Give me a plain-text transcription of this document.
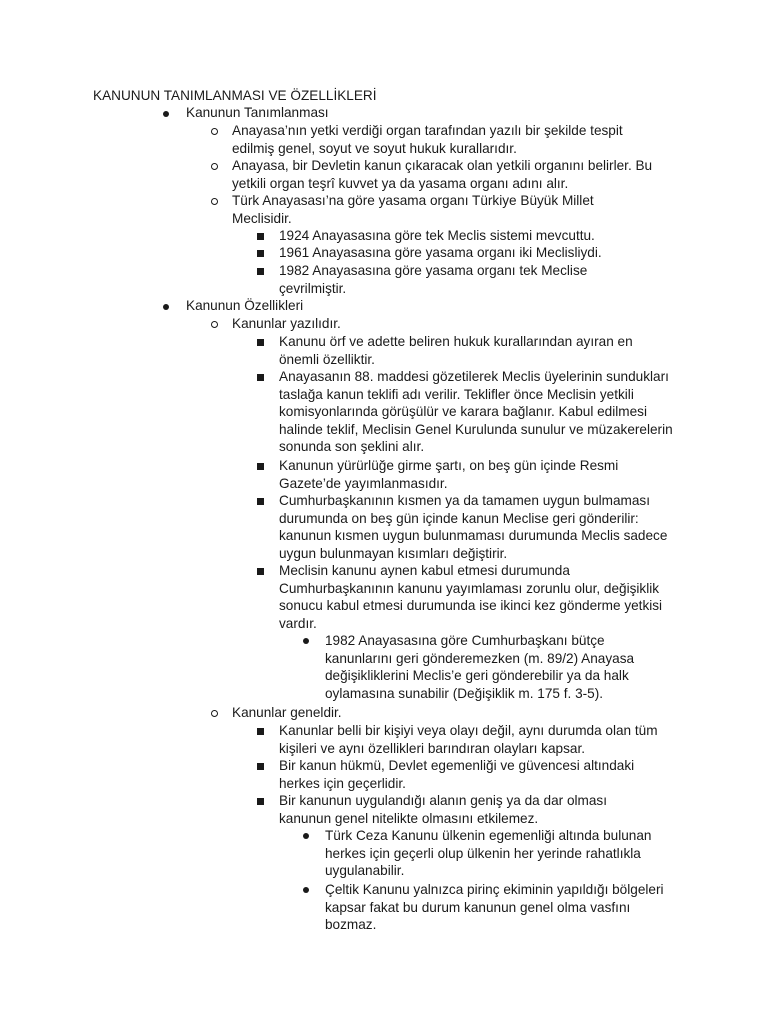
KANUNUN TANIMLANMASI VE ÖZELLİKLERİ
Kanunun Tanımlanması
Anayasa’nın yetki verdiği organ tarafından yazılı bir şekilde tespit edilmiş genel, soyut ve soyut hukuk kurallarıdır.
Anayasa, bir Devletin kanun çıkaracak olan yetkili organını belirler. Bu yetkili organ teşrî kuvvet ya da yasama organı adını alır.
Türk Anayasası’na göre yasama organı Türkiye Büyük Millet Meclisidir.
1924 Anayasasına göre tek Meclis sistemi mevcuttu.
1961 Anayasasına göre yasama organı iki Meclisliydi.
1982 Anayasasına göre yasama organı tek Meclise çevrilmiştir.
Kanunun Özellikleri
Kanunlar yazılıdır.
Kanunu örf ve adette beliren hukuk kurallarından ayıran en önemli özelliktir.
Anayasanın 88. maddesi gözetilerek Meclis üyelerinin sundukları taslağa kanun teklifi adı verilir. Teklifler önce Meclisin yetkili komisyonlarında görüşülür ve karara bağlanır. Kabul edilmesi halinde teklif, Meclisin Genel Kurulunda sunulur ve müzakerelerin sonunda son şeklini alır.
Kanunun yürürlüğe girme şartı, on beş gün içinde Resmi Gazete’de yayımlanmasıdır.
Cumhurbaşkanının kısmen ya da tamamen uygun bulmaması durumunda on beş gün içinde kanun Meclise geri gönderilir: kanunun kısmen uygun bulunmaması durumunda Meclis sadece uygun bulunmayan kısımları değiştirir.
Meclisin kanunu aynen kabul etmesi durumunda Cumhurbaşkanının kanunu yayımlaması zorunlu olur, değişiklik sonucu kabul etmesi durumunda ise ikinci kez gönderme yetkisi vardır.
1982 Anayasasına göre Cumhurbaşkanı bütçe kanunlarını geri gönderemezken (m. 89/2) Anayasa değişikliklerini Meclis’e geri gönderebilir ya da halk oylamasına sunabilir (Değişiklik m. 175 f. 3-5).
Kanunlar geneldir.
Kanunlar belli bir kişiyi veya olayı değil, aynı durumda olan tüm kişileri ve aynı özellikleri barındıran olayları kapsar.
Bir kanun hükmü, Devlet egemenliği ve güvencesi altındaki herkes için geçerlidir.
Bir kanunun uygulandığı alanın geniş ya da dar olması kanunun genel nitelikte olmasını etkilemez.
Türk Ceza Kanunu ülkenin egemenliği altında bulunan herkes için geçerli olup ülkenin her yerinde rahatlıkla uygulanabilir.
Çeltik Kanunu yalnızca pirinç ekiminin yapıldığı bölgeleri kapsar fakat bu durum kanunun genel olma vasfını bozmaz.
